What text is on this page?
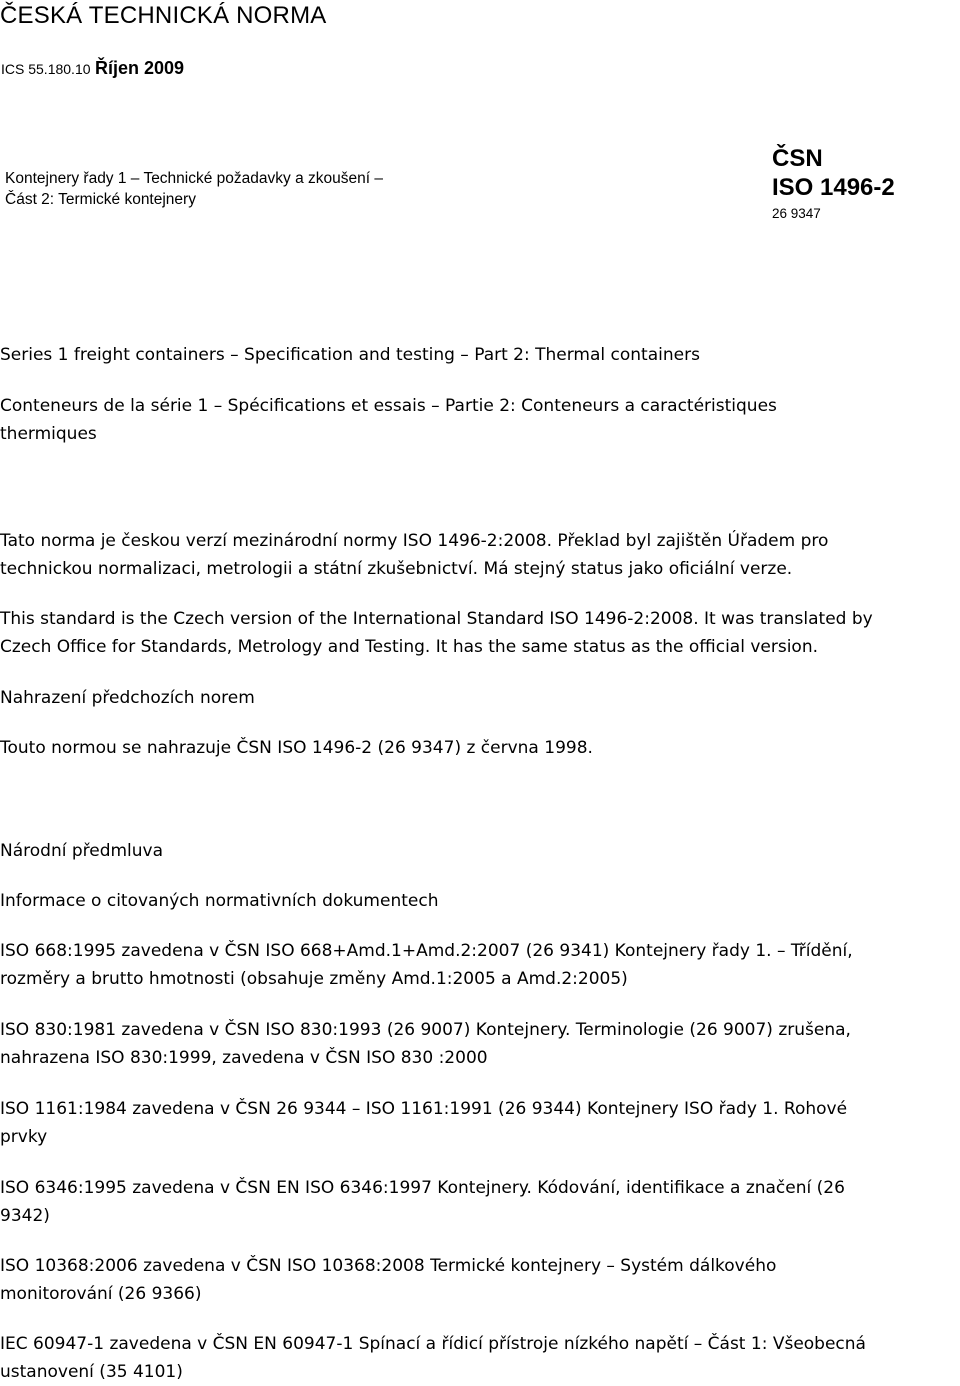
ČESKÁ TECHNICKÁ NORMA
ICS 55.180.10 Říjen 2009
Kontejnery řady 1 – Technické požadavky a zkoušení –
Část 2: Termické kontejnery
ČSN
ISO 1496-2
26 9347
Series 1 freight containers – Specification and testing – Part 2: Thermal containers
Conteneurs de la série 1 – Spécifications et essais – Partie 2: Conteneurs a caractéristiques
thermiques
Tato norma je českou verzí mezinárodní normy ISO 1496-2:2008. Překlad byl zajištěn Úřadem pro
technickou normalizaci, metrologii a státní zkušebnictví. Má stejný status jako oficiální verze.
This standard is the Czech version of the International Standard ISO 1496-2:2008. It was translated by
Czech Office for Standards, Metrology and Testing. It has the same status as the official version.
Nahrazení předchozích norem
Touto normou se nahrazuje ČSN ISO 1496-2 (26 9347) z června 1998.
Národní předmluva
Informace o citovaných normativních dokumentech
ISO 668:1995 zavedena v ČSN ISO 668+Amd.1+Amd.2:2007 (26 9341) Kontejnery řady 1. – Třídění,
rozměry a brutto hmotnosti (obsahuje změny Amd.1:2005 a Amd.2:2005)
ISO 830:1981 zavedena v ČSN ISO 830:1993 (26 9007) Kontejnery. Terminologie (26 9007) zrušena,
nahrazena ISO 830:1999, zavedena v ČSN ISO 830 :2000
ISO 1161:1984 zavedena v ČSN 26 9344 – ISO 1161:1991 (26 9344) Kontejnery ISO řady 1. Rohové
prvky
ISO 6346:1995 zavedena v ČSN EN ISO 6346:1997 Kontejnery. Kódování, identifikace a značení (26
9342)
ISO 10368:2006 zavedena v ČSN ISO 10368:2008 Termické kontejnery – Systém dálkového
monitorování (26 9366)
IEC 60947-1 zavedena v ČSN EN 60947-1 Spínací a řídicí přístroje nízkého napětí – Část 1: Všeobecná
ustanovení (35 4101)
